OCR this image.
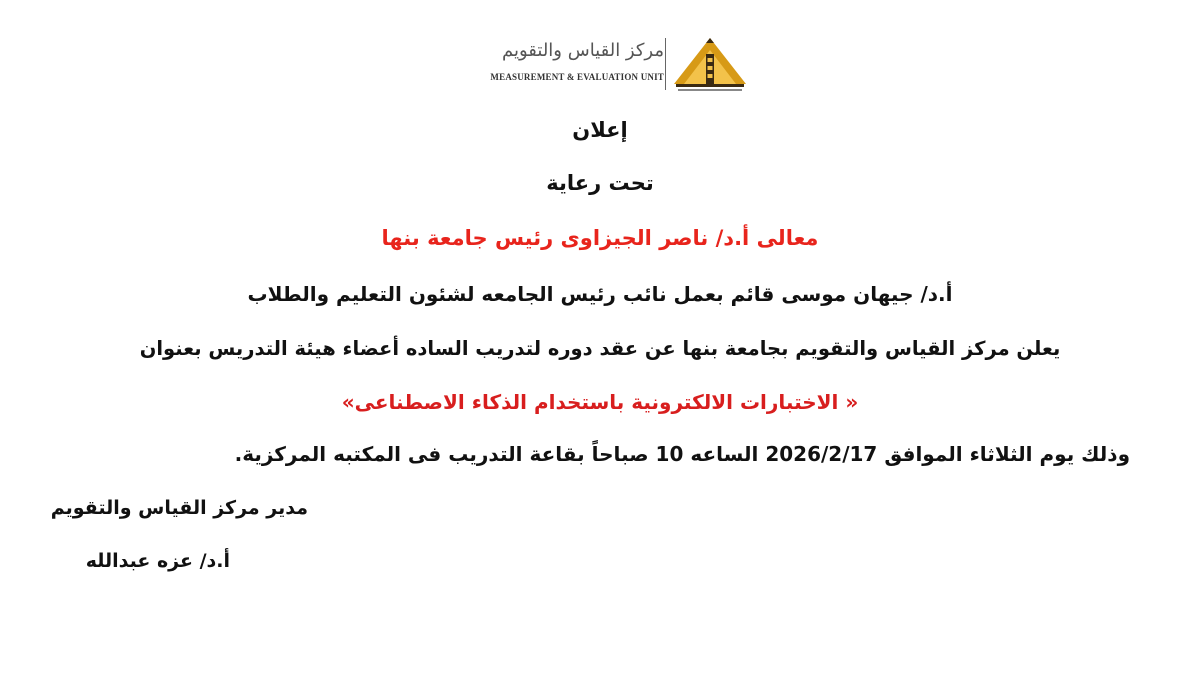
مركز القياس والتقويم
MEASUREMENT & EVALUATION UNIT
إعلان
تحت رعاية
معالى أ.د/ ناصر الجيزاوى رئيس جامعة بنها
أ.د/ جيهان موسى قائم بعمل نائب رئيس الجامعه لشئون التعليم والطلاب
يعلن مركز القياس والتقويم بجامعة بنها عن عقد دوره لتدريب الساده أعضاء هيئة التدريس بعنوان
« الاختبارات الالكترونية باستخدام الذكاء الاصطناعى»
وذلك يوم الثلاثاء الموافق 2026/2/17 الساعه 10 صباحاً بقاعة التدريب فى المكتبه المركزية.
مدير مركز القياس والتقويم
أ.د/ عزه عبدالله
